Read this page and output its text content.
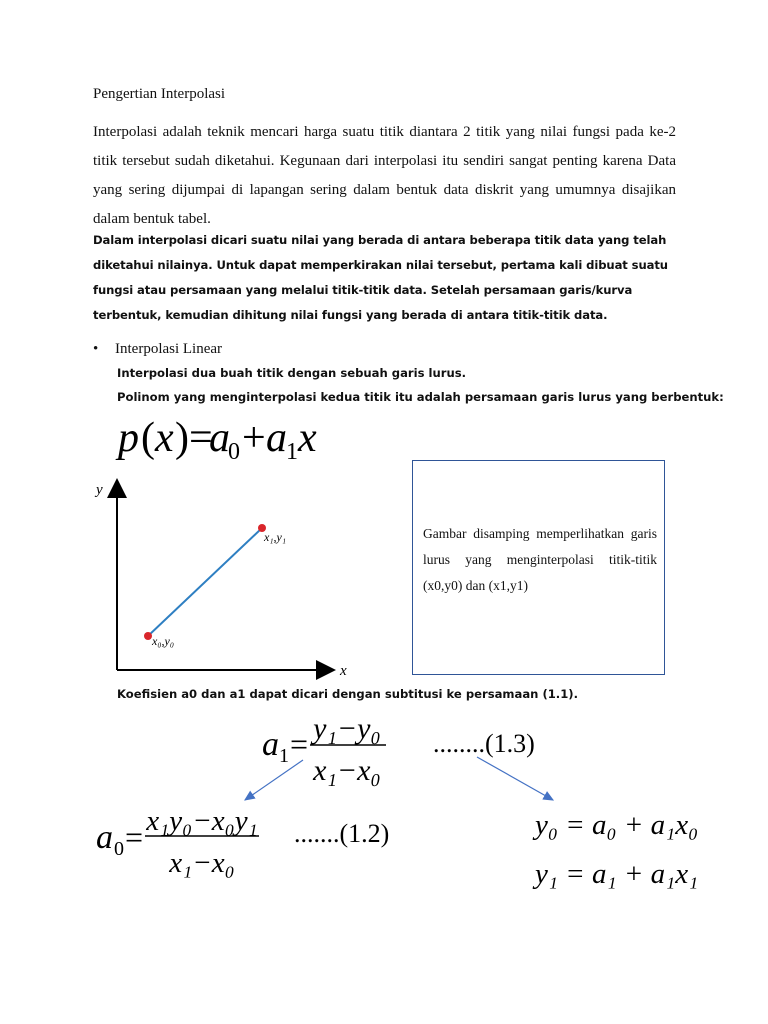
Pengertian Interpolasi
Interpolasi adalah teknik mencari harga suatu titik diantara 2 titik yang nilai fungsi pada ke-2 titik tersebut sudah diketahui. Kegunaan dari interpolasi itu sendiri sangat penting karena Data yang sering dijumpai di lapangan sering dalam bentuk data diskrit yang umumnya disajikan dalam bentuk tabel.
Dalam interpolasi dicari suatu nilai yang berada di antara beberapa titik data yang telah diketahui nilainya. Untuk dapat memperkirakan nilai tersebut, pertama kali dibuat suatu fungsi atau persamaan yang melalui titik-titik data. Setelah persamaan garis/kurva terbentuk, kemudian dihitung nilai fungsi yang berada di antara titik-titik data.
• Interpolasi Linear
Interpolasi dua buah titik dengan sebuah garis lurus.
Polinom yang menginterpolasi kedua titik itu adalah persamaan garis lurus yang berbentuk:
p ( x )=
a
0 + a 1 x
y
x
x₀,y₀
x₁,y₁
a 1 = y₁−y₀
x₁−x₀
........(1.3)
a 0 = x₁y₀−x₀y₁
x₁−x₀
.......(1.2)	y₀ = a₀ + a₁x₀
y₁ = a₁ + a₁x₁
Gambar disamping memperlihatkan garis lurus yang menginterpolasi titik-titik (x0,y0) dan (x1,y1)
Koefisien a0 dan a1 dapat dicari dengan subtitusi ke persamaan (1.1).
